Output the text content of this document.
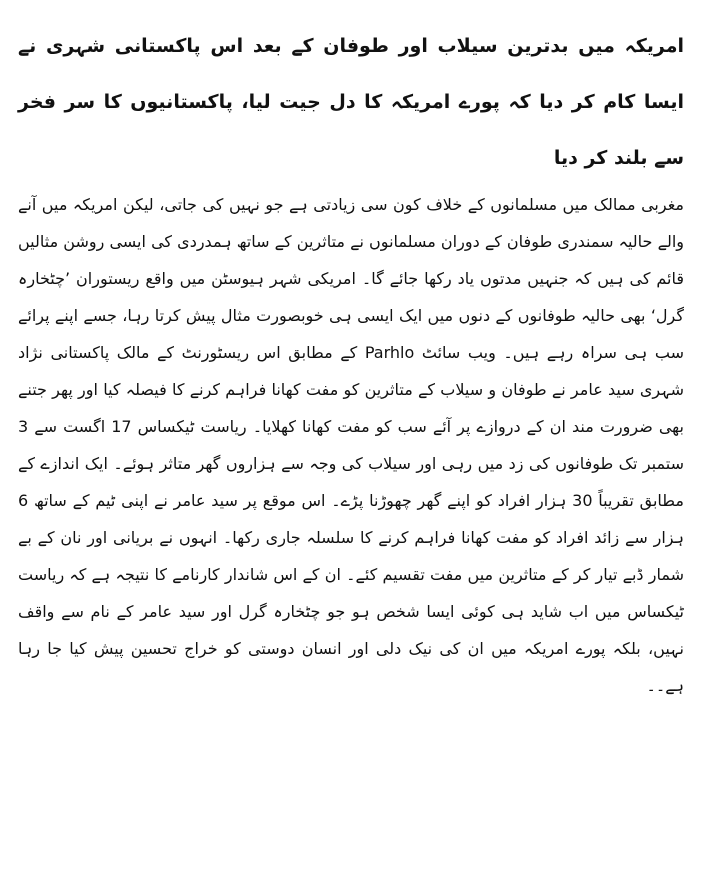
امریکہ میں بدترین سیلاب اور طوفان کے بعد اس پاکستانی شہری نے ایسا کام کر دیا کہ پورے امریکہ کا دل جیت لیا، پاکستانیوں کا سر فخر سے بلند کر دیا

مغربی ممالک میں مسلمانوں کے خلاف کون سی زیادتی ہے جو نہیں کی جاتی، لیکن امریکہ میں آنے والے حالیہ سمندری طوفان کے دوران مسلمانوں نے متاثرین کے ساتھ ہمدردی کی ایسی روشن مثالیں قائم کی ہیں کہ جنہیں مدتوں یاد رکھا جائے گا۔ امریکی شہر ہیوسٹن میں واقع ریستوران ’چٹخارہ گرل‘ بھی حالیہ طوفانوں کے دنوں میں ایک ایسی ہی خوبصورت مثال پیش کرتا رہا، جسے اپنے پرائے سب ہی سراہ رہے ہیں۔ ویب سائٹ Parhlo کے مطابق اس ریسٹورنٹ کے مالک پاکستانی نژاد شہری سید عامر نے طوفان و سیلاب کے متاثرین کو مفت کھانا فراہم کرنے کا فیصلہ کیا اور پھر جتنے بھی ضرورت مند ان کے دروازے پر آئے سب کو مفت کھانا کھلایا۔ ریاست ٹیکساس 17 اگست سے 3 ستمبر تک طوفانوں کی زد میں رہی اور سیلاب کی وجہ سے ہزاروں گھر متاثر ہوئے۔ ایک اندازے کے مطابق تقریباً 30 ہزار افراد کو اپنے گھر چھوڑنا پڑے۔ اس موقع پر سید عامر نے اپنی ٹیم کے ساتھ 6 ہزار سے زائد افراد کو مفت کھانا فراہم کرنے کا سلسلہ جاری رکھا۔ انہوں نے بریانی اور نان کے بے شمار ڈبے تیار کر کے متاثرین میں مفت تقسیم کئے۔ ان کے اس شاندار کارنامے کا نتیجہ ہے کہ ریاست ٹیکساس میں اب شاید ہی کوئی ایسا شخص ہو جو چٹخارہ گرل اور سید عامر کے نام سے واقف نہیں، بلکہ پورے امریکہ میں ان کی نیک دلی اور انسان دوستی کو خراج تحسین پیش کیا جا رہا ہے۔۔
